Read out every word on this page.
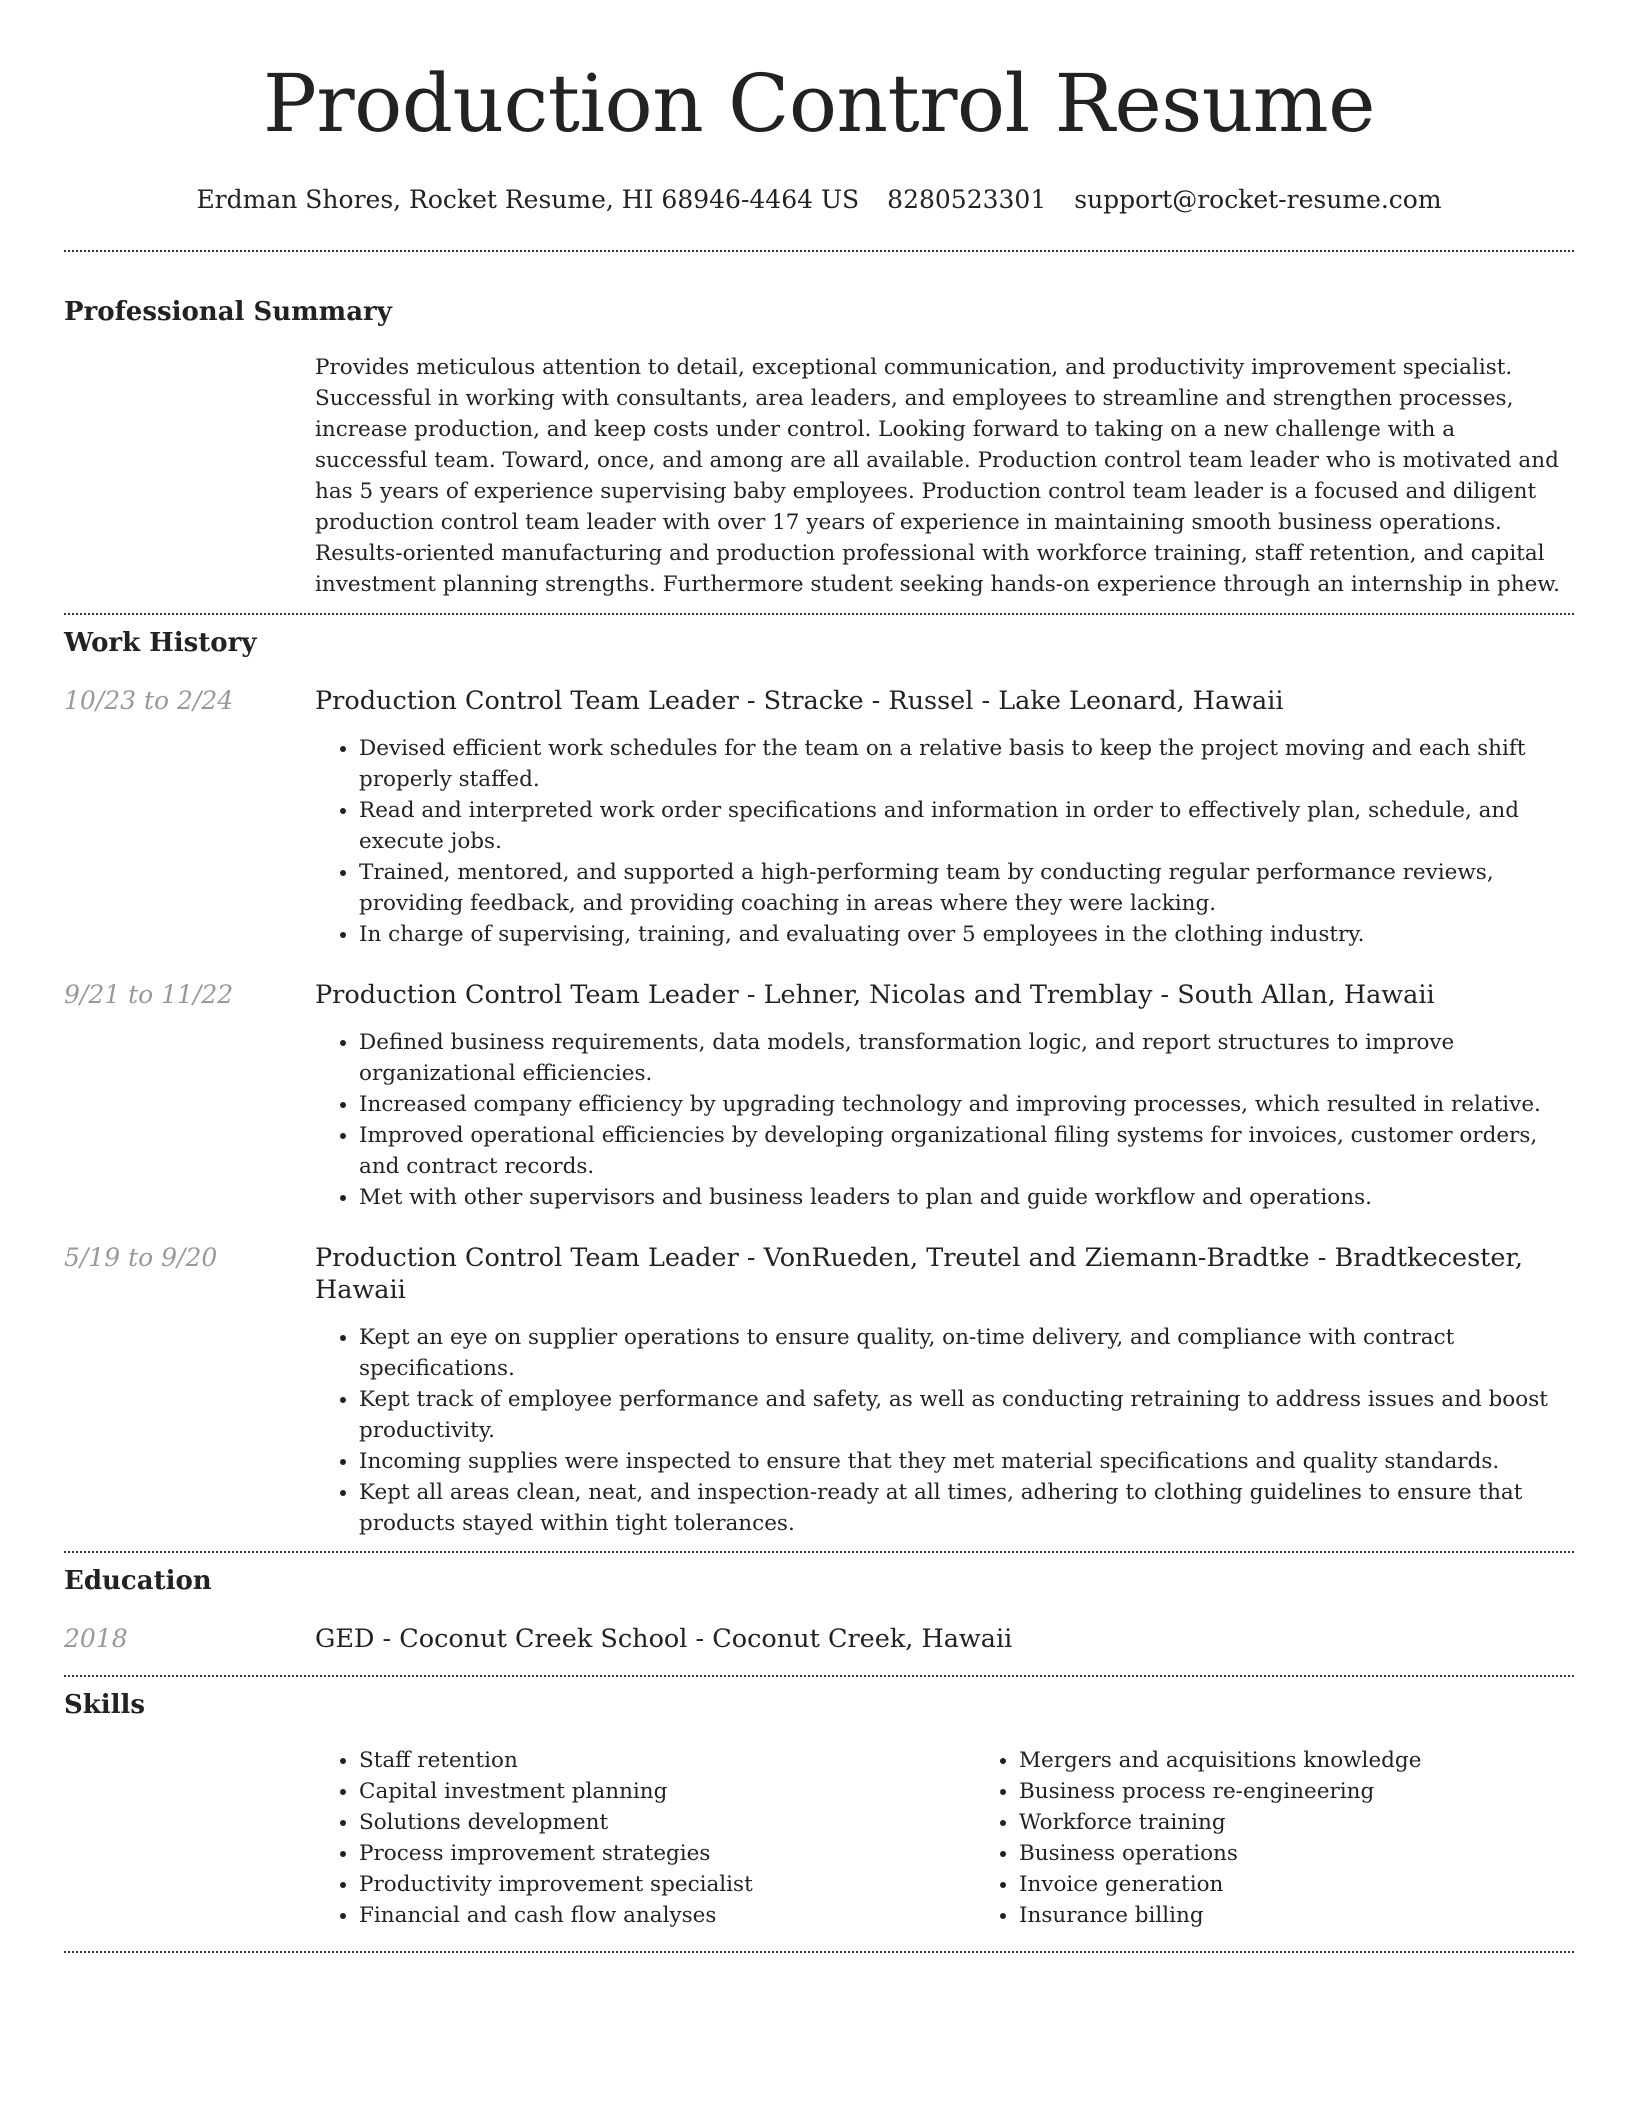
Production Control Resume
Erdman Shores, Rocket Resume, HI 68946-4464 US 8280523301 support@rocket-resume.com
Professional Summary

Provides meticulous attention to detail, exceptional communication, and productivity improvement specialist. Successful in working with consultants, area leaders, and employees to streamline and strengthen processes, increase production, and keep costs under control. Looking forward to taking on a new challenge with a successful team. Toward, once, and among are all available. Production control team leader who is motivated and has 5 years of experience supervising baby employees. Production control team leader is a focused and diligent production control team leader with over 17 years of experience in maintaining smooth business operations. Results-oriented manufacturing and production professional with workforce training, staff retention, and capital investment planning strengths. Furthermore student seeking hands-on experience through an internship in phew.

Work History
10/23 to 2/24	Production Control Team Leader - Stracke - Russel - Lake Leonard, Hawaii
• Devised efficient work schedules for the team on a relative basis to keep the project moving and each shift properly staffed.
• Read and interpreted work order specifications and information in order to effectively plan, schedule, and execute jobs.
• Trained, mentored, and supported a high-performing team by conducting regular performance reviews, providing feedback, and providing coaching in areas where they were lacking.
• In charge of supervising, training, and evaluating over 5 employees in the clothing industry.
9/21 to 11/22	Production Control Team Leader - Lehner, Nicolas and Tremblay - South Allan, Hawaii
• Defined business requirements, data models, transformation logic, and report structures to improve organizational efficiencies.
• Increased company efficiency by upgrading technology and improving processes, which resulted in relative.
• Improved operational efficiencies by developing organizational filing systems for invoices, customer orders, and contract records.
• Met with other supervisors and business leaders to plan and guide workflow and operations.
5/19 to 9/20	Production Control Team Leader - VonRueden, Treutel and Ziemann-Bradtke - Bradtkecester, Hawaii
• Kept an eye on supplier operations to ensure quality, on-time delivery, and compliance with contract specifications.
• Kept track of employee performance and safety, as well as conducting retraining to address issues and boost productivity.
• Incoming supplies were inspected to ensure that they met material specifications and quality standards.
• Kept all areas clean, neat, and inspection-ready at all times, adhering to clothing guidelines to ensure that products stayed within tight tolerances.
Education
2018	GED - Coconut Creek School - Coconut Creek, Hawaii
Skills
• Staff retention
• Capital investment planning
• Solutions development
• Process improvement strategies
• Productivity improvement specialist
• Financial and cash flow analyses
• Mergers and acquisitions knowledge
• Business process re-engineering
• Workforce training
• Business operations
• Invoice generation
• Insurance billing
